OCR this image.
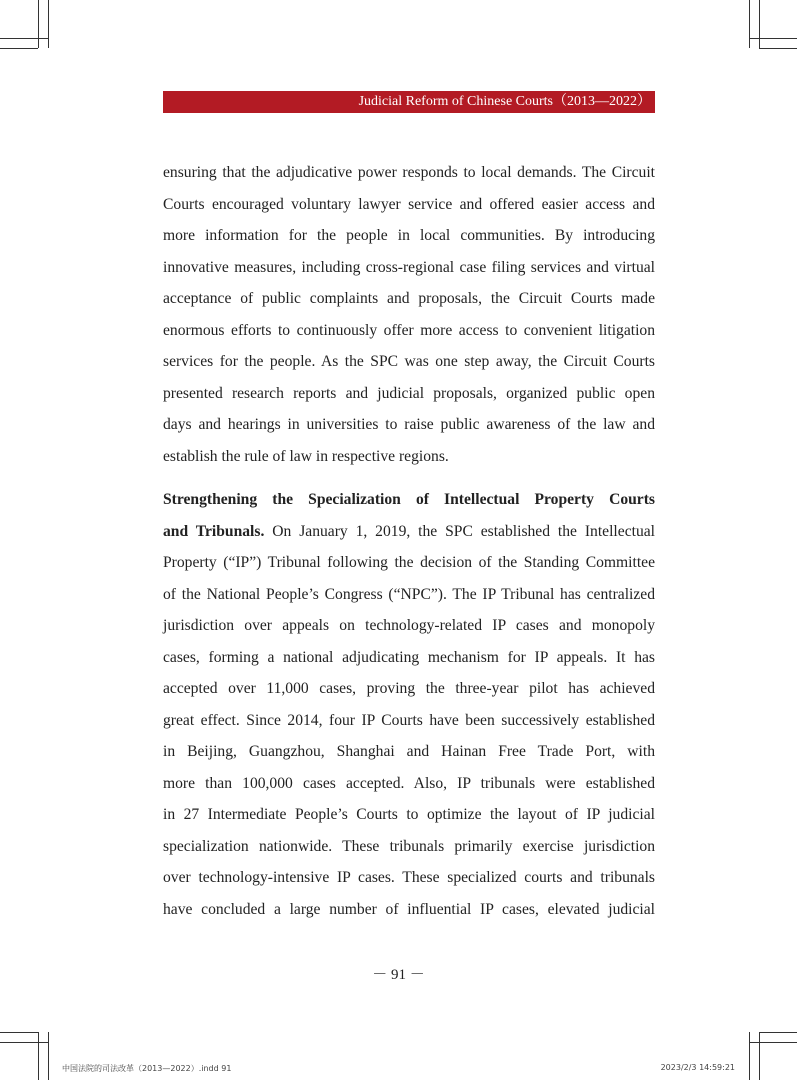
Judicial Reform of Chinese Courts（2013—2022）
ensuring that the adjudicative power responds to local demands. The Circuit
Courts encouraged voluntary lawyer service and offered easier access and
more information for the people in local communities. By introducing
innovative measures, including cross-regional case filing services and virtual
acceptance of public complaints and proposals, the Circuit Courts made
enormous efforts to continuously offer more access to convenient litigation
services for the people. As the SPC was one step away, the Circuit Courts
presented research reports and judicial proposals, organized public open
days and hearings in universities to raise public awareness of the law and
establish the rule of law in respective regions.
Strengthening the Specialization of Intellectual Property Courts
and Tribunals. On January 1, 2019, the SPC established the Intellectual
Property (“IP”) Tribunal following the decision of the Standing Committee
of the National People’s Congress (“NPC”). The IP Tribunal has centralized
jurisdiction over appeals on technology-related IP cases and monopoly
cases, forming a national adjudicating mechanism for IP appeals. It has
accepted over 11,000 cases, proving the three-year pilot has achieved
great effect. Since 2014, four IP Courts have been successively established
in Beijing, Guangzhou, Shanghai and Hainan Free Trade Port, with
more than 100,000 cases accepted. Also, IP tribunals were established
in 27 Intermediate People’s Courts to optimize the layout of IP judicial
specialization nationwide. These tribunals primarily exercise jurisdiction
over technology-intensive IP cases. These specialized courts and tribunals
have concluded a large number of influential IP cases, elevated judicial
－ 91 －
中国法院的司法改革（2013—2022）.indd 91	2023/2/3 14:59:21
